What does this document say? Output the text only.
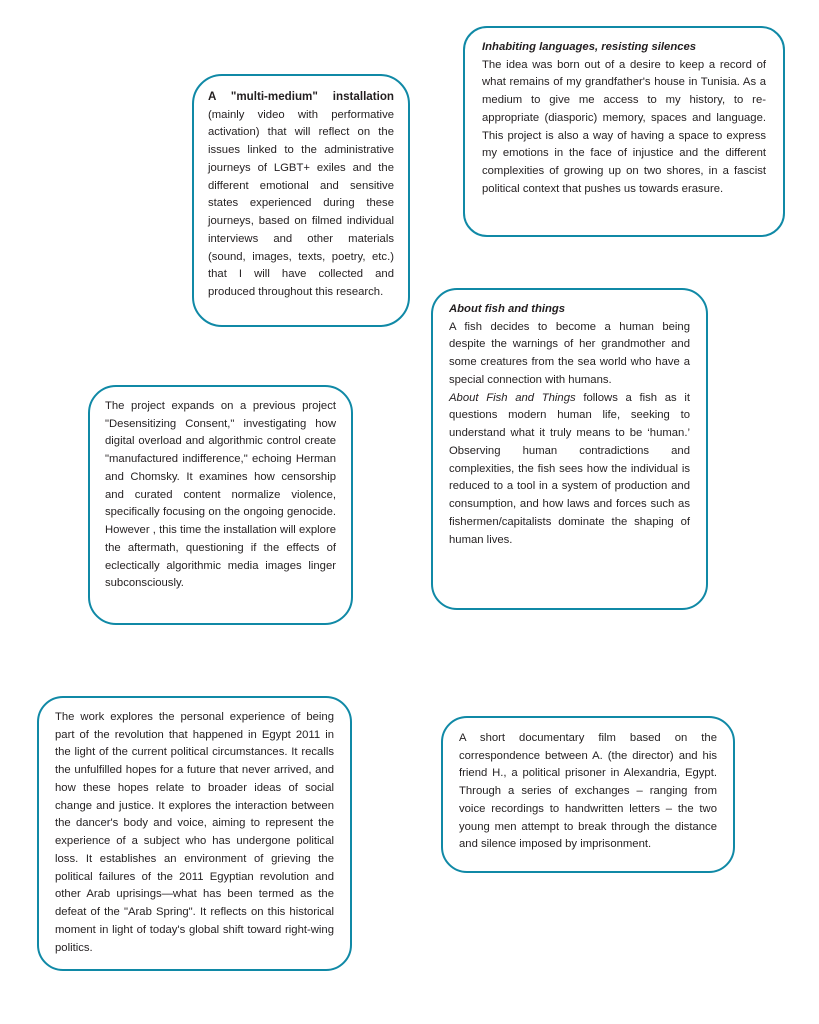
A "multi-medium" installation (mainly video with performative activation) that will reflect on the issues linked to the administrative journeys of LGBT+ exiles and the different emotional and sensitive states experienced during these journeys, based on filmed individual interviews and other materials (sound, images, texts, poetry, etc.) that I will have collected and produced throughout this research.

Inhabiting languages, resisting silences

The idea was born out of a desire to keep a record of what remains of my grandfather's house in Tunisia. As a medium to give me access to my history, to re-appropriate (diasporic) memory, spaces and language. This project is also a way of having a space to express my emotions in the face of injustice and the different complexities of growing up on two shores, in a fascist political context that pushes us towards erasure.

About fish and things

A fish decides to become a human being despite the warnings of her grandmother and some creatures from the sea world who have a special connection with humans.

About Fish and Things follows a fish as it questions modern human life, seeking to understand what it truly means to be ‘human.’ Observing human contradictions and complexities, the fish sees how the individual is reduced to a tool in a system of production and consumption, and how laws and forces such as fishermen/capitalists dominate the shaping of human lives.

The project expands on a previous project "Desensitizing Consent," investigating how digital overload and algorithmic control create "manufactured indifference," echoing Herman and Chomsky. It examines how censorship and curated content normalize violence, specifically focusing on the ongoing genocide. However , this time the installation will explore the aftermath, questioning if the effects of eclectically algorithmic media images linger subconsciously.

The work explores the personal experience of being part of the revolution that happened in Egypt 2011 in the light of the current political circumstances. It recalls the unfulfilled hopes for a future that never arrived, and how these hopes relate to broader ideas of social change and justice. It explores the interaction between the dancer's body and voice, aiming to represent the experience of a subject who has undergone political loss. It establishes an environment of grieving the political failures of the 2011 Egyptian revolution and other Arab uprisings—what has been termed as the defeat of the "Arab Spring". It reflects on this historical moment in light of today's global shift toward right-wing politics.

A short documentary film based on the correspondence between A. (the director) and his friend H., a political prisoner in Alexandria, Egypt. Through a series of exchanges – ranging from voice recordings to handwritten letters – the two young men attempt to break through the distance and silence imposed by imprisonment.
